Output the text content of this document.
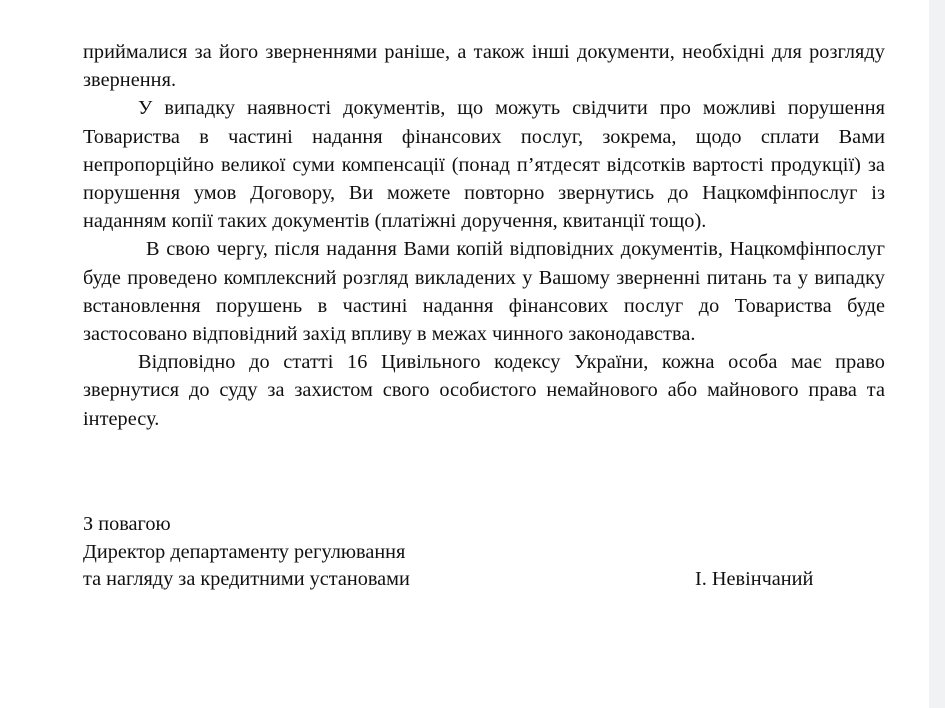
приймалися за його зверненнями раніше, а також інші документи, необхідні для розгляду звернення.

У випадку наявності документів, що можуть свідчити про можливі порушення Товариства в частині надання фінансових послуг, зокрема, щодо сплати Вами непропорційно великої суми компенсації (понад п’ятдесят відсотків вартості продукції) за порушення умов Договору, Ви можете повторно звернутись до Нацкомфінпослуг із наданням копії таких документів (платіжні доручення, квитанції тощо).

В свою чергу, після надання Вами копій відповідних документів, Нацкомфінпослуг буде проведено комплексний розгляд викладених у Вашому зверненні питань та у випадку встановлення порушень в частині надання фінансових послуг до Товариства буде застосовано відповідний захід впливу в межах чинного законодавства.

Відповідно до статті 16 Цивільного кодексу України, кожна особа має право звернутися до суду за захистом свого особистого немайнового або майнового права та інтересу.

З повагою
Директор департаменту регулювання
та нагляду за кредитними установами	І. Невінчаний
